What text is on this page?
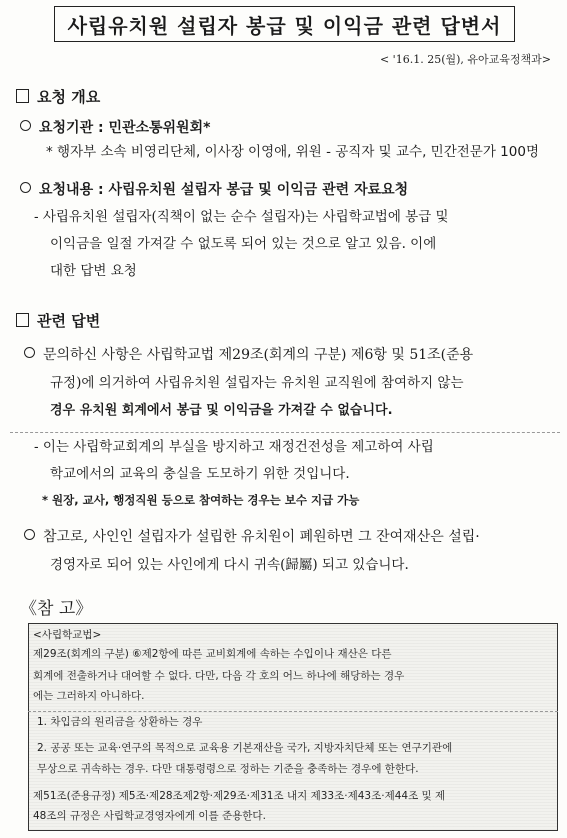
사립유치원 설립자 봉급 및 이익금 관련 답변서
< '16.1. 25(월), 유아교육정책과>
요청 개요
요청기관 : 민관소통위원회*
* 행자부 소속 비영리단체, 이사장 이영애, 위원 - 공직자 및 교수, 민간전문가 100명
요청내용 : 사립유치원 설립자 봉급 및 이익금 관련 자료요청
- 사립유치원 설립자(직책이 없는 순수 설립자)는 사립학교법에 봉급 및
이익금을 일절 가져갈 수 없도록 되어 있는 것으로 알고 있음. 이에
대한 답변 요청
관련 답변
문의하신 사항은 사립학교법 제29조(회계의 구분) 제6항 및 51조(준용
규정)에 의거하여 사립유치원 설립자는 유치원 교직원에 참여하지 않는
경우 유치원 회계에서 봉급 및 이익금을 가져갈 수 없습니다.
- 이는 사립학교회계의 부실을 방지하고 재정건전성을 제고하여 사립
학교에서의 교육의 충실을 도모하기 위한 것입니다.
* 원장, 교사, 행정직원 등으로 참여하는 경우는 보수 지급 가능
참고로, 사인인 설립자가 설립한 유치원이 폐원하면 그 잔여재산은 설립·
경영자로 되어 있는 사인에게 다시 귀속(歸屬) 되고 있습니다.
《참 고》
<사립학교법>
제29조(회계의 구분) ⑥제2항에 따른 교비회계에 속하는 수입이나 재산은 다른
회계에 전출하거나 대여할 수 없다. 다만, 다음 각 호의 어느 하나에 해당하는 경우
에는 그러하지 아니하다.
1. 차입금의 원리금을 상환하는 경우
2. 공공 또는 교육·연구의 목적으로 교육용 기본재산을 국가, 지방자치단체 또는 연구기관에
무상으로 귀속하는 경우. 다만 대통령령으로 정하는 기준을 충족하는 경우에 한한다.
제51조(준용규정) 제5조·제28조제2항·제29조·제31조 내지 제33조·제43조·제44조 및 제
48조의 규정은 사립학교경영자에게 이를 준용한다.
